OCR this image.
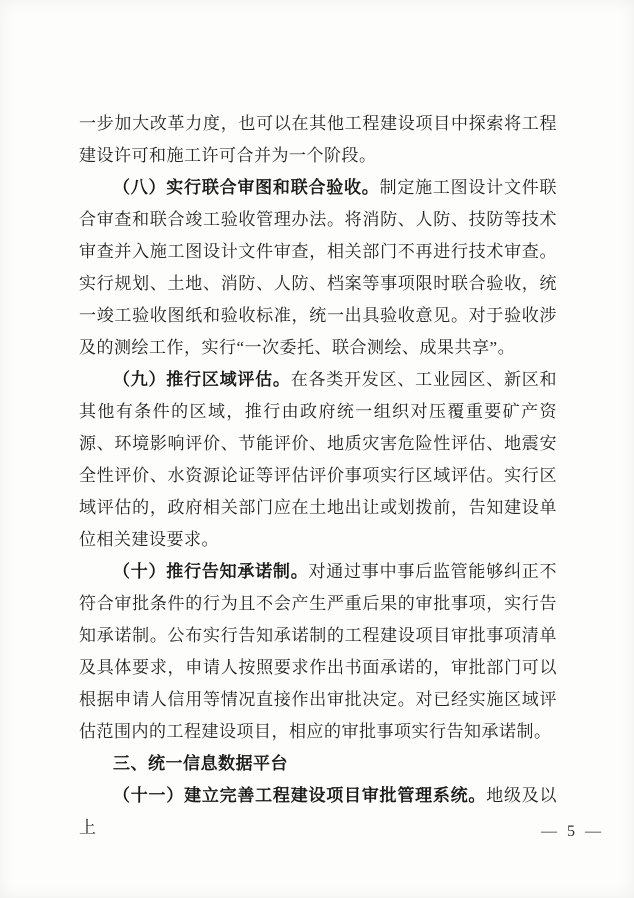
一步加大改革力度，也可以在其他工程建设项目中探索将工程建设许可和施工许可合并为一个阶段。

（八）实行联合审图和联合验收。制定施工图设计文件联合审查和联合竣工验收管理办法。将消防、人防、技防等技术审查并入施工图设计文件审查，相关部门不再进行技术审查。实行规划、土地、消防、人防、档案等事项限时联合验收，统一竣工验收图纸和验收标准，统一出具验收意见。对于验收涉及的测绘工作，实行“一次委托、联合测绘、成果共享”。

（九）推行区域评估。在各类开发区、工业园区、新区和其他有条件的区域，推行由政府统一组织对压覆重要矿产资源、环境影响评价、节能评价、地质灾害危险性评估、地震安全性评价、水资源论证等评估评价事项实行区域评估。实行区域评估的，政府相关部门应在土地出让或划拨前，告知建设单位相关建设要求。

（十）推行告知承诺制。对通过事中事后监管能够纠正不符合审批条件的行为且不会产生严重后果的审批事项，实行告知承诺制。公布实行告知承诺制的工程建设项目审批事项清单及具体要求，申请人按照要求作出书面承诺的，审批部门可以根据申请人信用等情况直接作出审批决定。对已经实施区域评估范围内的工程建设项目，相应的审批事项实行告知承诺制。

三、统一信息数据平台

（十一）建立完善工程建设项目审批管理系统。地级及以上	— 5 —
